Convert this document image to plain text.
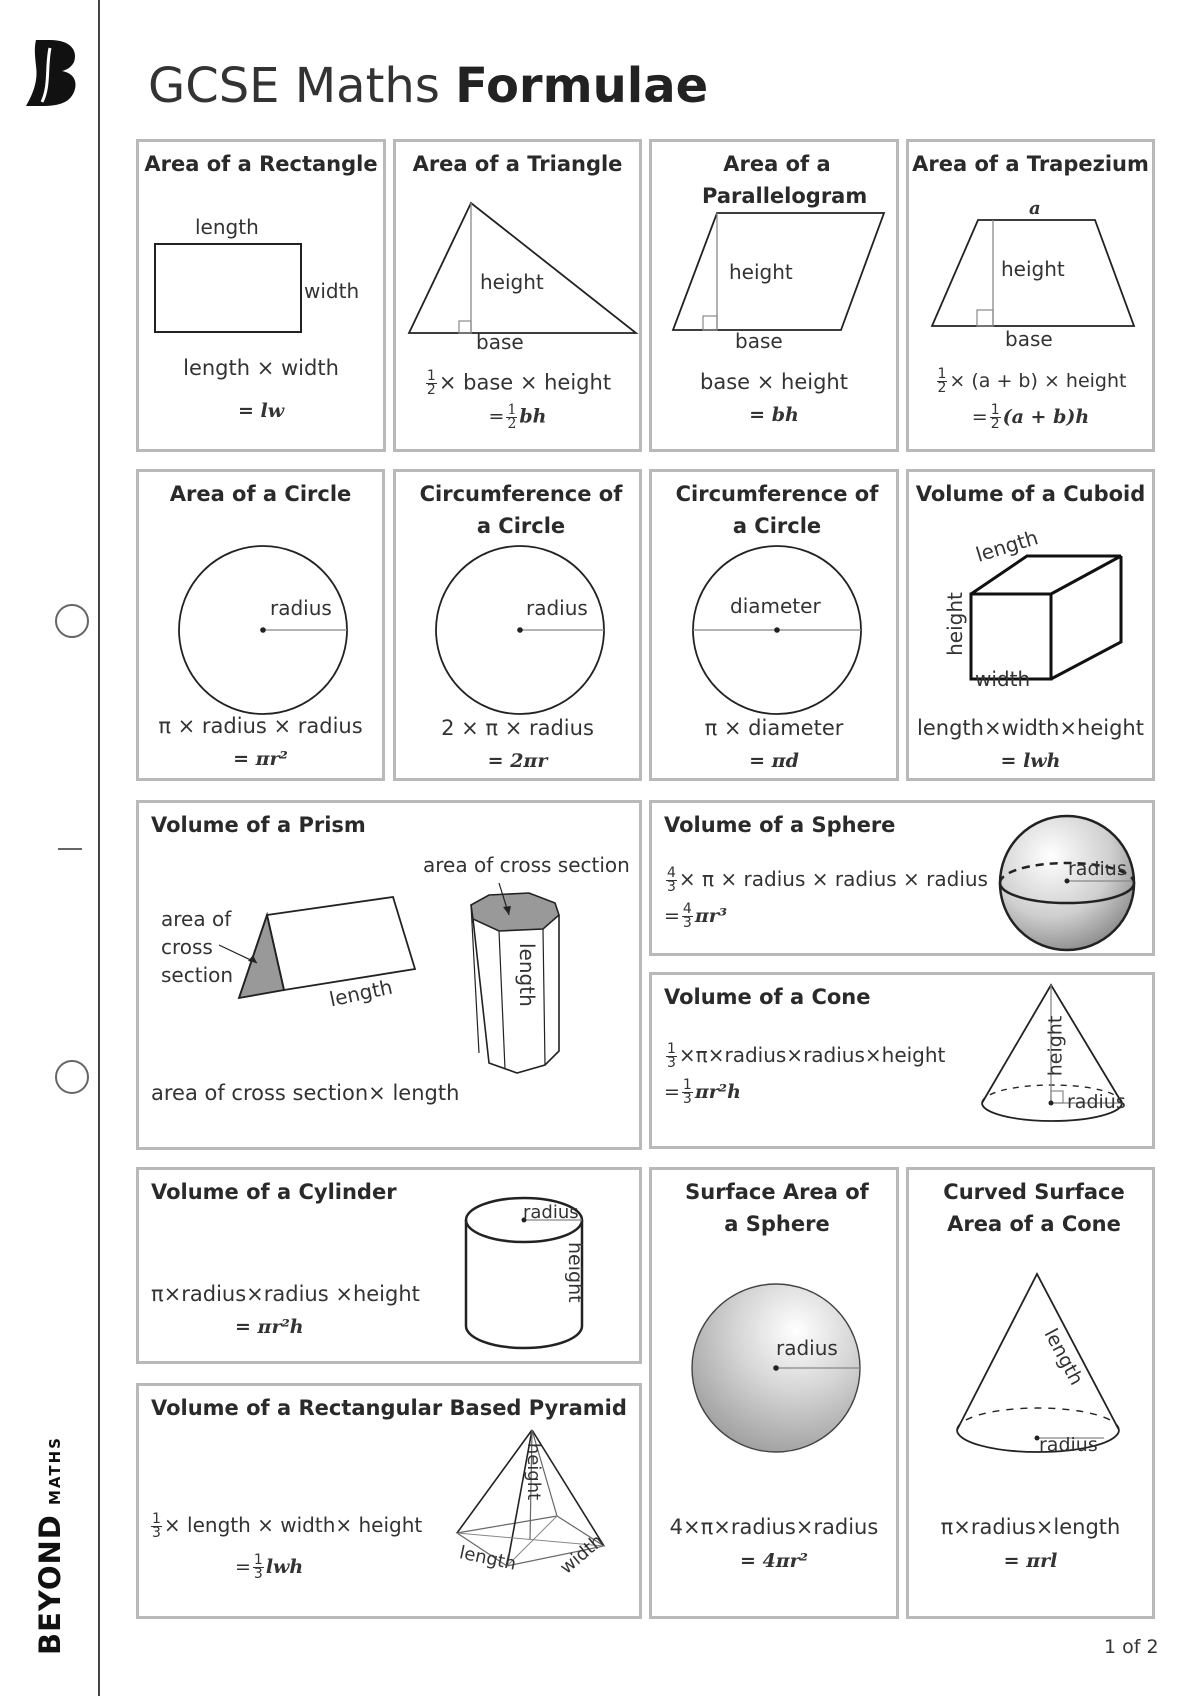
BEYOND MATHS
GCSE Maths Formulae
Area of a Rectangle
length
width
length × width
= lw
Area of a Triangle
height
base
$\frac{1}{2}$ × base × height
= $\frac{1}{2}$ bh
Area of a Parallelogram
height
base
base × height
= bh
Area of a Trapezium
a
height
base
$\frac{1}{2} \times (a + b)$ × height
= $\frac{1}{2} (a + b)h$
Area of a Circle
radius
π × radius × radius
= πr²
Circumference of a Circle
radius
2 × π × radius
= 2πr
Circumference of a Circle
diameter
π × diameter
= πd
Volume of a Cuboid
length
height
width
length×width×height
= lwh
Volume of a Prism
area of cross section
area of
cross
section	length	length
area of cross section× length
Volume of a Sphere
$\frac{4}{3} \times \pi$ × radius × radius × radius
= $\frac{4}{3} \pi r^3$
radius
Volume of a Cone
$\frac{1}{3}$ ×π×radius×radius×height
= $\frac{1}{3} \pi r^2h$
height
radius
Volume of a Cylinder
π×radius×radius ×height
= πr²h
radius
height
Volume of a Rectangular Based Pyramid
$\frac{1}{3}$ × length × width× height
= $\frac{1}{3}$ lwh
height
length width
Surface Area of a Sphere
radius
4×π×radius×radius
= 4πr²
Curved Surface Area of a Cone
length
radius
π×radius×length
= πrl
1 of 2
